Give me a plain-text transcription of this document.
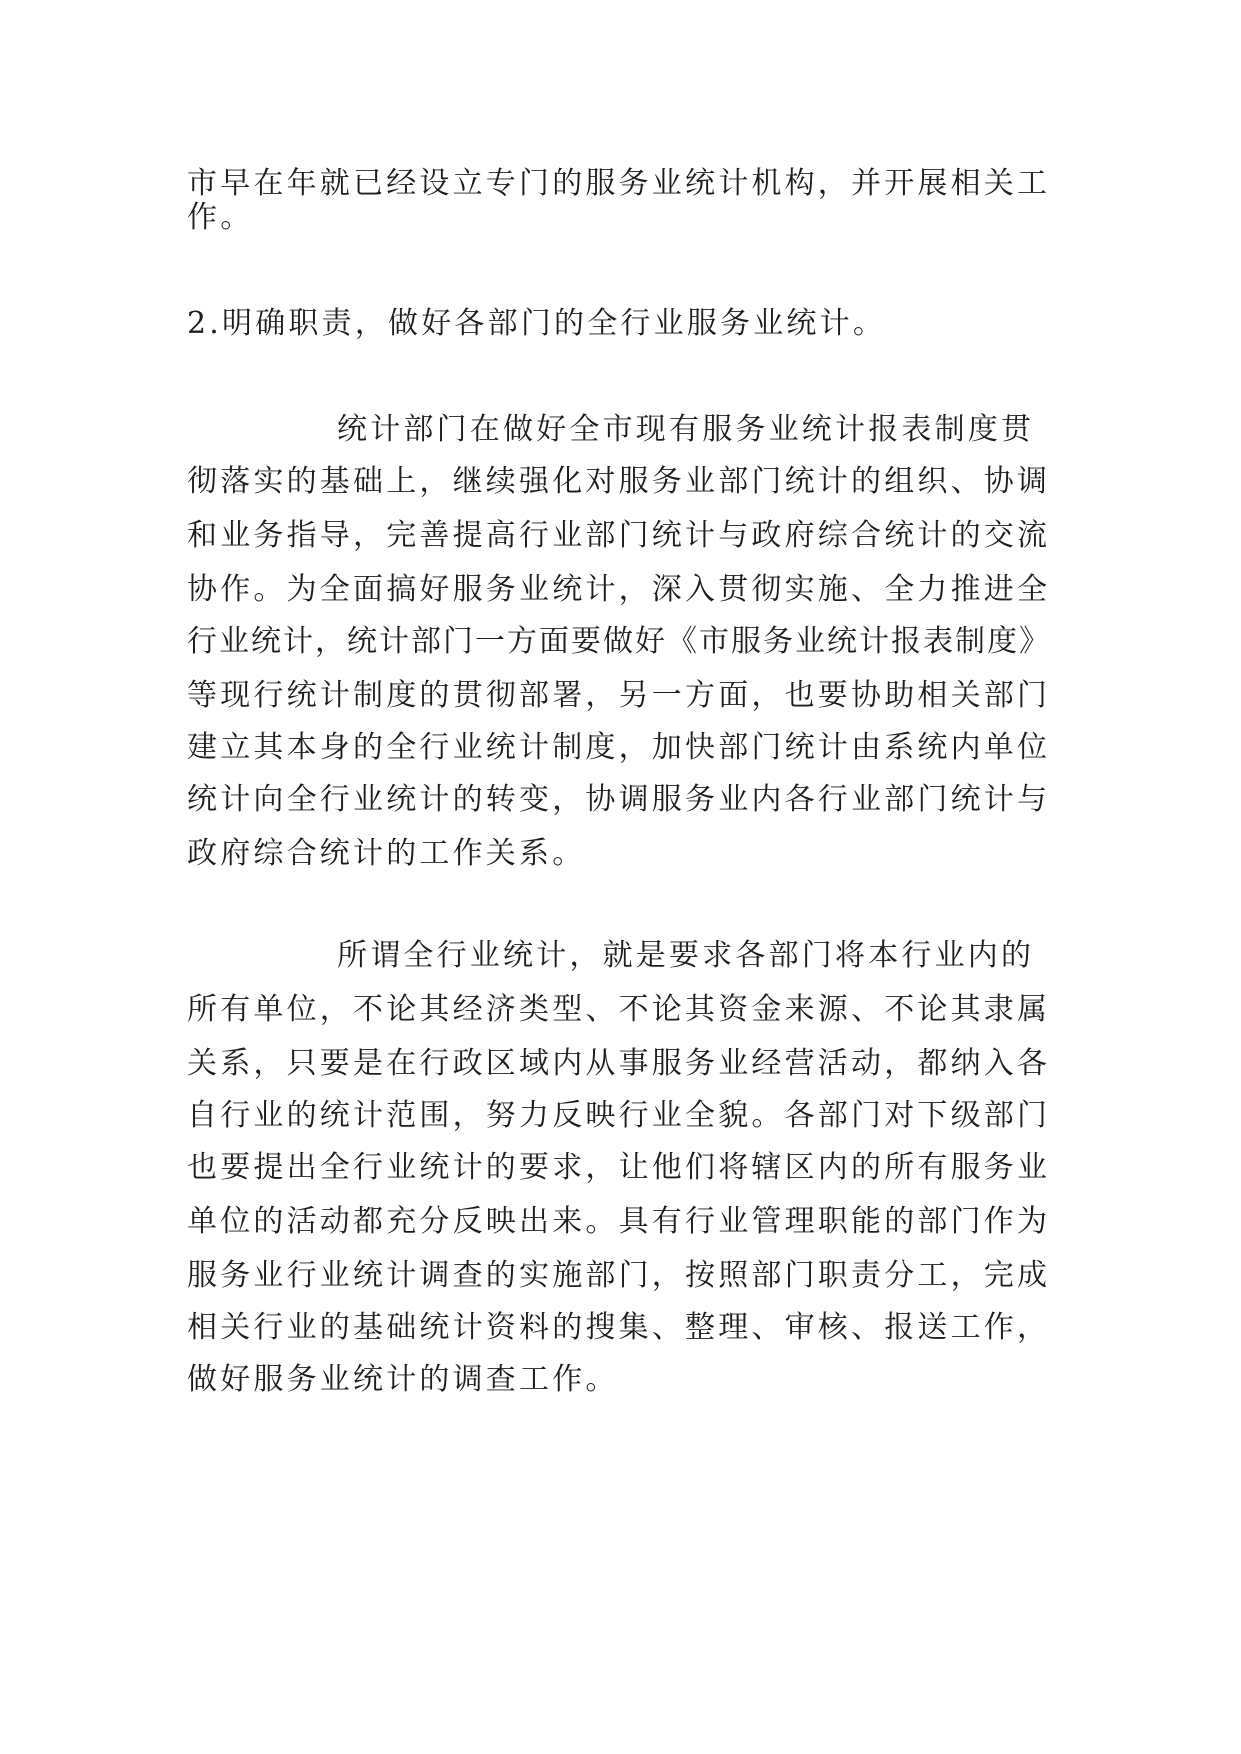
市早在年就已经设立专门的服务业统计机构，并开展相关工
作。
2.明确职责，做好各部门的全行业服务业统计。
统计部门在做好全市现有服务业统计报表制度贯
彻落实的基础上，继续强化对服务业部门统计的组织、协调
和业务指导，完善提高行业部门统计与政府综合统计的交流
协作。为全面搞好服务业统计，深入贯彻实施、全力推进全
行业统计，统计部门一方面要做好《市服务业统计报表制度》
等现行统计制度的贯彻部署，另一方面，也要协助相关部门
建立其本身的全行业统计制度，加快部门统计由系统内单位
统计向全行业统计的转变，协调服务业内各行业部门统计与
政府综合统计的工作关系。
所谓全行业统计，就是要求各部门将本行业内的
所有单位，不论其经济类型、不论其资金来源、不论其隶属
关系，只要是在行政区域内从事服务业经营活动，都纳入各
自行业的统计范围，努力反映行业全貌。各部门对下级部门
也要提出全行业统计的要求，让他们将辖区内的所有服务业
单位的活动都充分反映出来。具有行业管理职能的部门作为
服务业行业统计调查的实施部门，按照部门职责分工，完成
相关行业的基础统计资料的搜集、整理、审核、报送工作，
做好服务业统计的调查工作。
